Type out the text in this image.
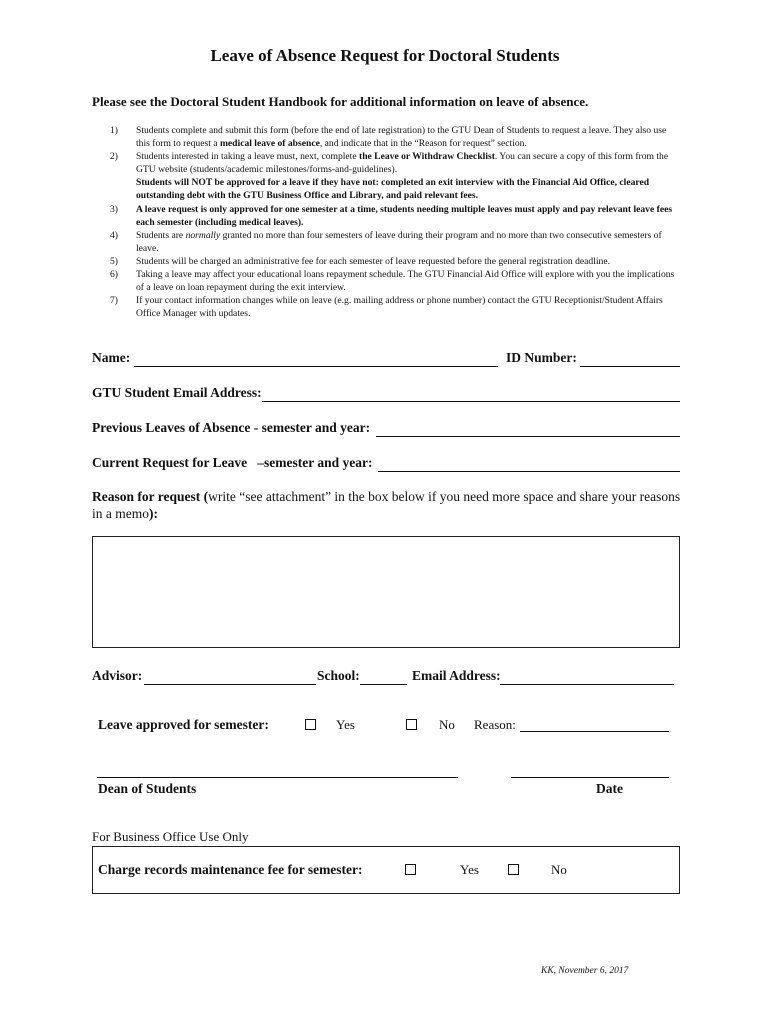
Leave of Absence Request for Doctoral Students
Please see the Doctoral Student Handbook for additional information on leave of absence.
1)	Students complete and submit this form (before the end of late registration) to the GTU Dean of Students to request a leave. They also use this form to request a medical leave of absence, and indicate that in the “Reason for request” section.
2)	Students interested in taking a leave must, next, complete the Leave or Withdraw Checklist. You can secure a copy of this form from the GTU website (students/academic milestones/forms-and-guidelines).
Students will NOT be approved for a leave if they have not: completed an exit interview with the Financial Aid Office, cleared outstanding debt with the GTU Business Office and Library, and paid relevant fees.
3)	A leave request is only approved for one semester at a time, students needing multiple leaves must apply and pay relevant leave fees each semester (including medical leaves).
4)	Students are normally granted no more than four semesters of leave during their program and no more than two consecutive semesters of leave.
5)	Students will be charged an administrative fee for each semester of leave requested before the general registration deadline.
6)	Taking a leave may affect your educational loans repayment schedule. The GTU Financial Aid Office will explore with you the implications of a leave on loan repayment during the exit interview.
7)	If your contact information changes while on leave (e.g. mailing address or phone number) contact the GTU Receptionist/Student Affairs Office Manager with updates.
Name:	ID Number:
GTU Student Email Address:
Previous Leaves of Absence - semester and year:
Current Request for Leave   –semester and year:
Reason for request (write “see attachment” in the box below if you need more space and share your reasons in a memo):
Advisor:	School:	Email Address:
Leave approved for semester:	Yes	No Reason:
Dean of Students	Date
For Business Office Use Only
Charge records maintenance fee for semester:	Yes	No
KK, November 6, 2017
